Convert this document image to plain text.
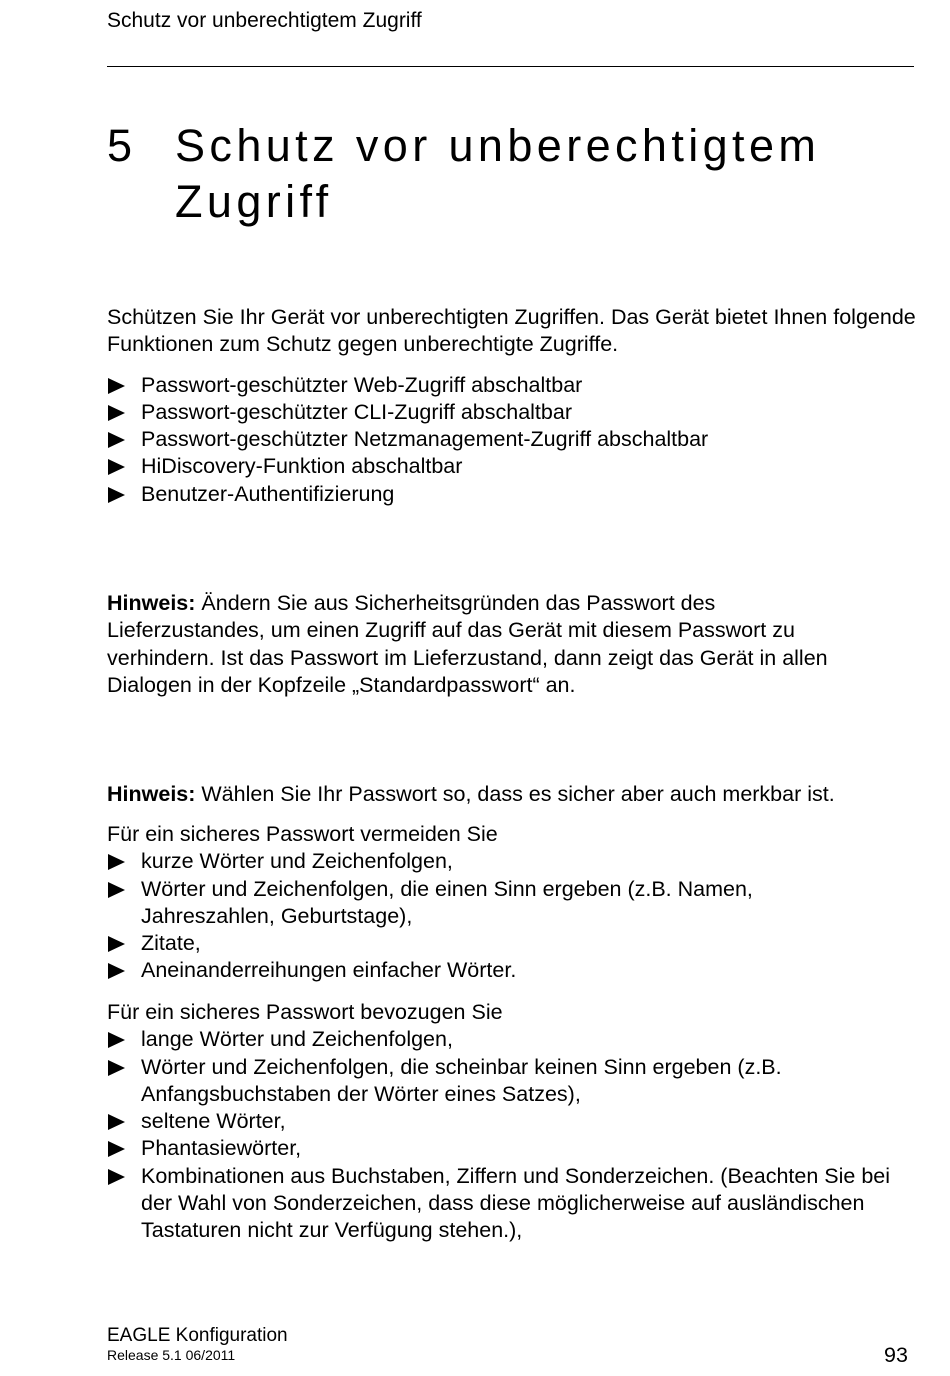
Schutz vor unberechtigtem Zugriff
5 Schutz vor unberechtigtem Zugriff

Schützen Sie Ihr Gerät vor unberechtigten Zugriffen. Das Gerät bietet Ihnen folgende Funktionen zum Schutz gegen unberechtigte Zugriffe.

Passwort-geschützter Web-Zugriff abschaltbar
Passwort-geschützter CLI-Zugriff abschaltbar
Passwort-geschützter Netzmanagement-Zugriff abschaltbar
HiDiscovery-Funktion abschaltbar
Benutzer-Authentifizierung

Hinweis: Ändern Sie aus Sicherheitsgründen das Passwort des Lieferzustandes, um einen Zugriff auf das Gerät mit diesem Passwort zu verhindern. Ist das Passwort im Lieferzustand, dann zeigt das Gerät in allen Dialogen in der Kopfzeile „Standardpasswort“ an.

Hinweis: Wählen Sie Ihr Passwort so, dass es sicher aber auch merkbar ist.

Für ein sicheres Passwort vermeiden Sie

kurze Wörter und Zeichenfolgen,
Wörter und Zeichenfolgen, die einen Sinn ergeben (z.B. Namen, Jahreszahlen, Geburtstage),
Zitate,
Aneinanderreihungen einfacher Wörter.

Für ein sicheres Passwort bevozugen Sie

lange Wörter und Zeichenfolgen,
Wörter und Zeichenfolgen, die scheinbar keinen Sinn ergeben (z.B. Anfangsbuchstaben der Wörter eines Satzes),
seltene Wörter,
Phantasiewörter,
Kombinationen aus Buchstaben, Ziffern und Sonderzeichen. (Beachten Sie bei der Wahl von Sonderzeichen, dass diese möglicherweise auf ausländischen Tastaturen nicht zur Verfügung stehen.),
EAGLE Konfiguration
Release 5.1 06/2011	93
